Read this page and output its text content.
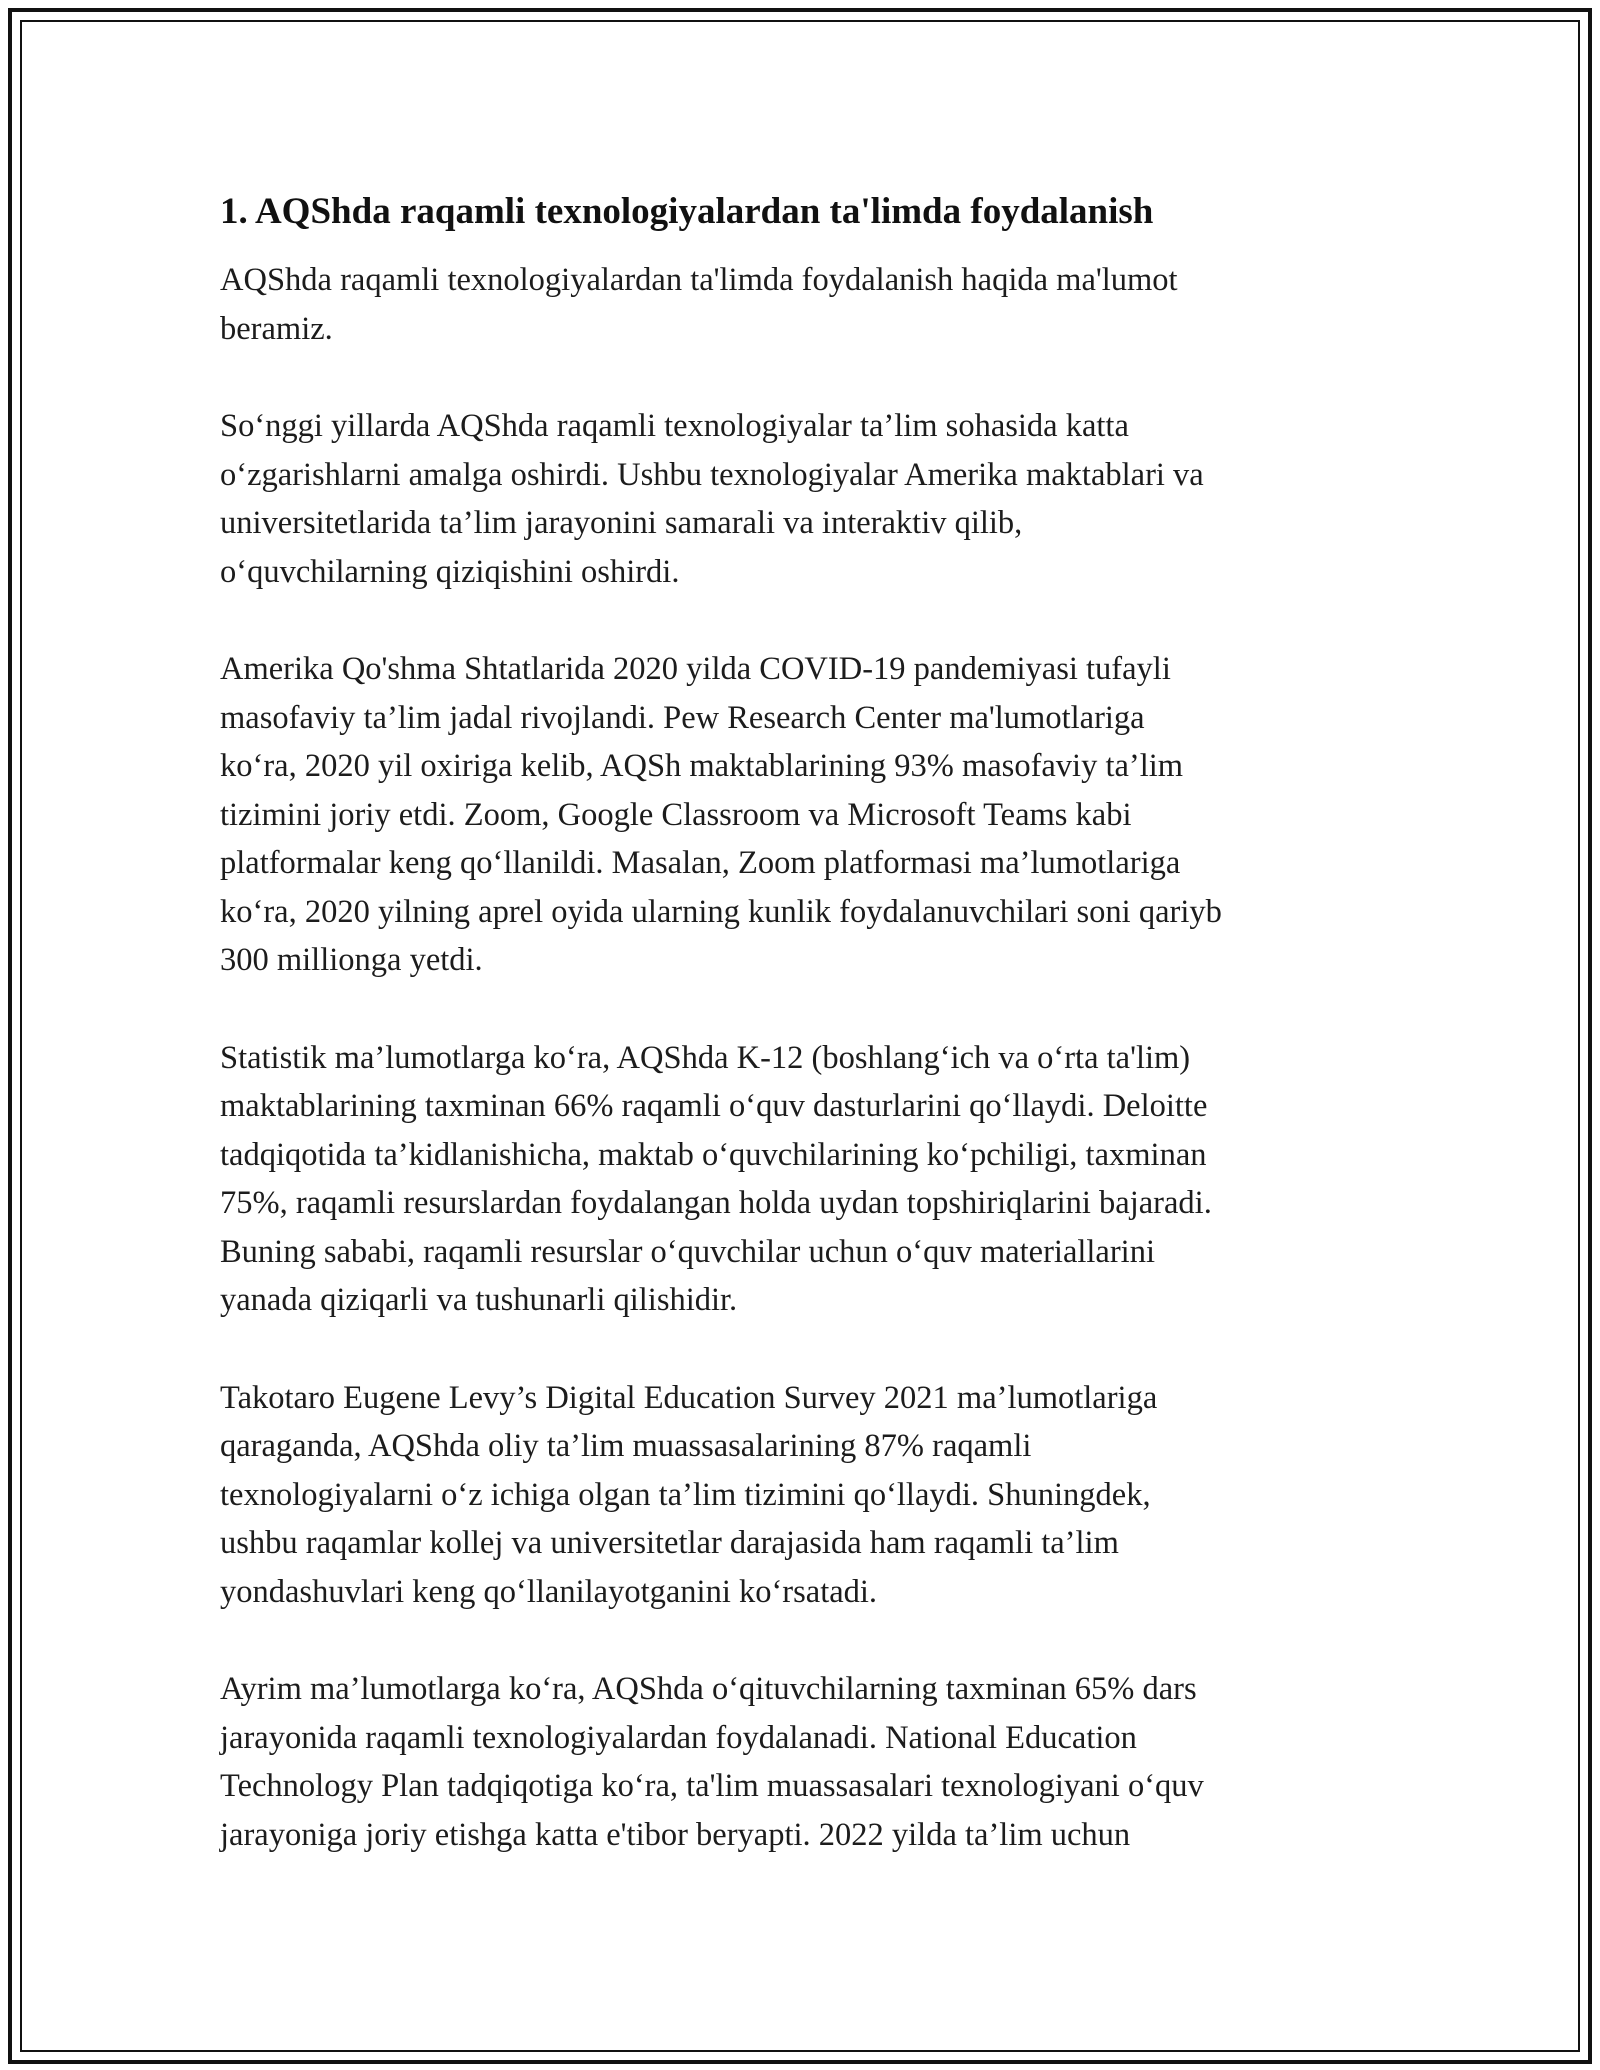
1. AQShda raqamli texnologiyalardan ta'limda foydalanish

AQShda raqamli texnologiyalardan ta'limda foydalanish haqida ma'lumot
beramiz.

So‘nggi yillarda AQShda raqamli texnologiyalar ta’lim sohasida katta
o‘zgarishlarni amalga oshirdi. Ushbu texnologiyalar Amerika maktablari va
universitetlarida ta’lim jarayonini samarali va interaktiv qilib,
o‘quvchilarning qiziqishini oshirdi.

Amerika Qo'shma Shtatlarida 2020 yilda COVID-19 pandemiyasi tufayli
masofaviy ta’lim jadal rivojlandi. Pew Research Center ma'lumotlariga
ko‘ra, 2020 yil oxiriga kelib, AQSh maktablarining 93% masofaviy ta’lim
tizimini joriy etdi. Zoom, Google Classroom va Microsoft Teams kabi
platformalar keng qo‘llanildi. Masalan, Zoom platformasi ma’lumotlariga
ko‘ra, 2020 yilning aprel oyida ularning kunlik foydalanuvchilari soni qariyb
300 millionga yetdi.

Statistik ma’lumotlarga ko‘ra, AQShda K-12 (boshlang‘ich va o‘rta ta'lim)
maktablarining taxminan 66% raqamli o‘quv dasturlarini qo‘llaydi. Deloitte
tadqiqotida ta’kidlanishicha, maktab o‘quvchilarining ko‘pchiligi, taxminan
75%, raqamli resurslardan foydalangan holda uydan topshiriqlarini bajaradi.
Buning sababi, raqamli resurslar o‘quvchilar uchun o‘quv materiallarini
yanada qiziqarli va tushunarli qilishidir.

Takotaro Eugene Levy’s Digital Education Survey 2021 ma’lumotlariga
qaraganda, AQShda oliy ta’lim muassasalarining 87% raqamli
texnologiyalarni o‘z ichiga olgan ta’lim tizimini qo‘llaydi. Shuningdek,
ushbu raqamlar kollej va universitetlar darajasida ham raqamli ta’lim
yondashuvlari keng qo‘llanilayotganini ko‘rsatadi.

Ayrim ma’lumotlarga ko‘ra, AQShda o‘qituvchilarning taxminan 65% dars
jarayonida raqamli texnologiyalardan foydalanadi. National Education
Technology Plan tadqiqotiga ko‘ra, ta'lim muassasalari texnologiyani o‘quv
jarayoniga joriy etishga katta e'tibor beryapti. 2022 yilda ta’lim uchun
